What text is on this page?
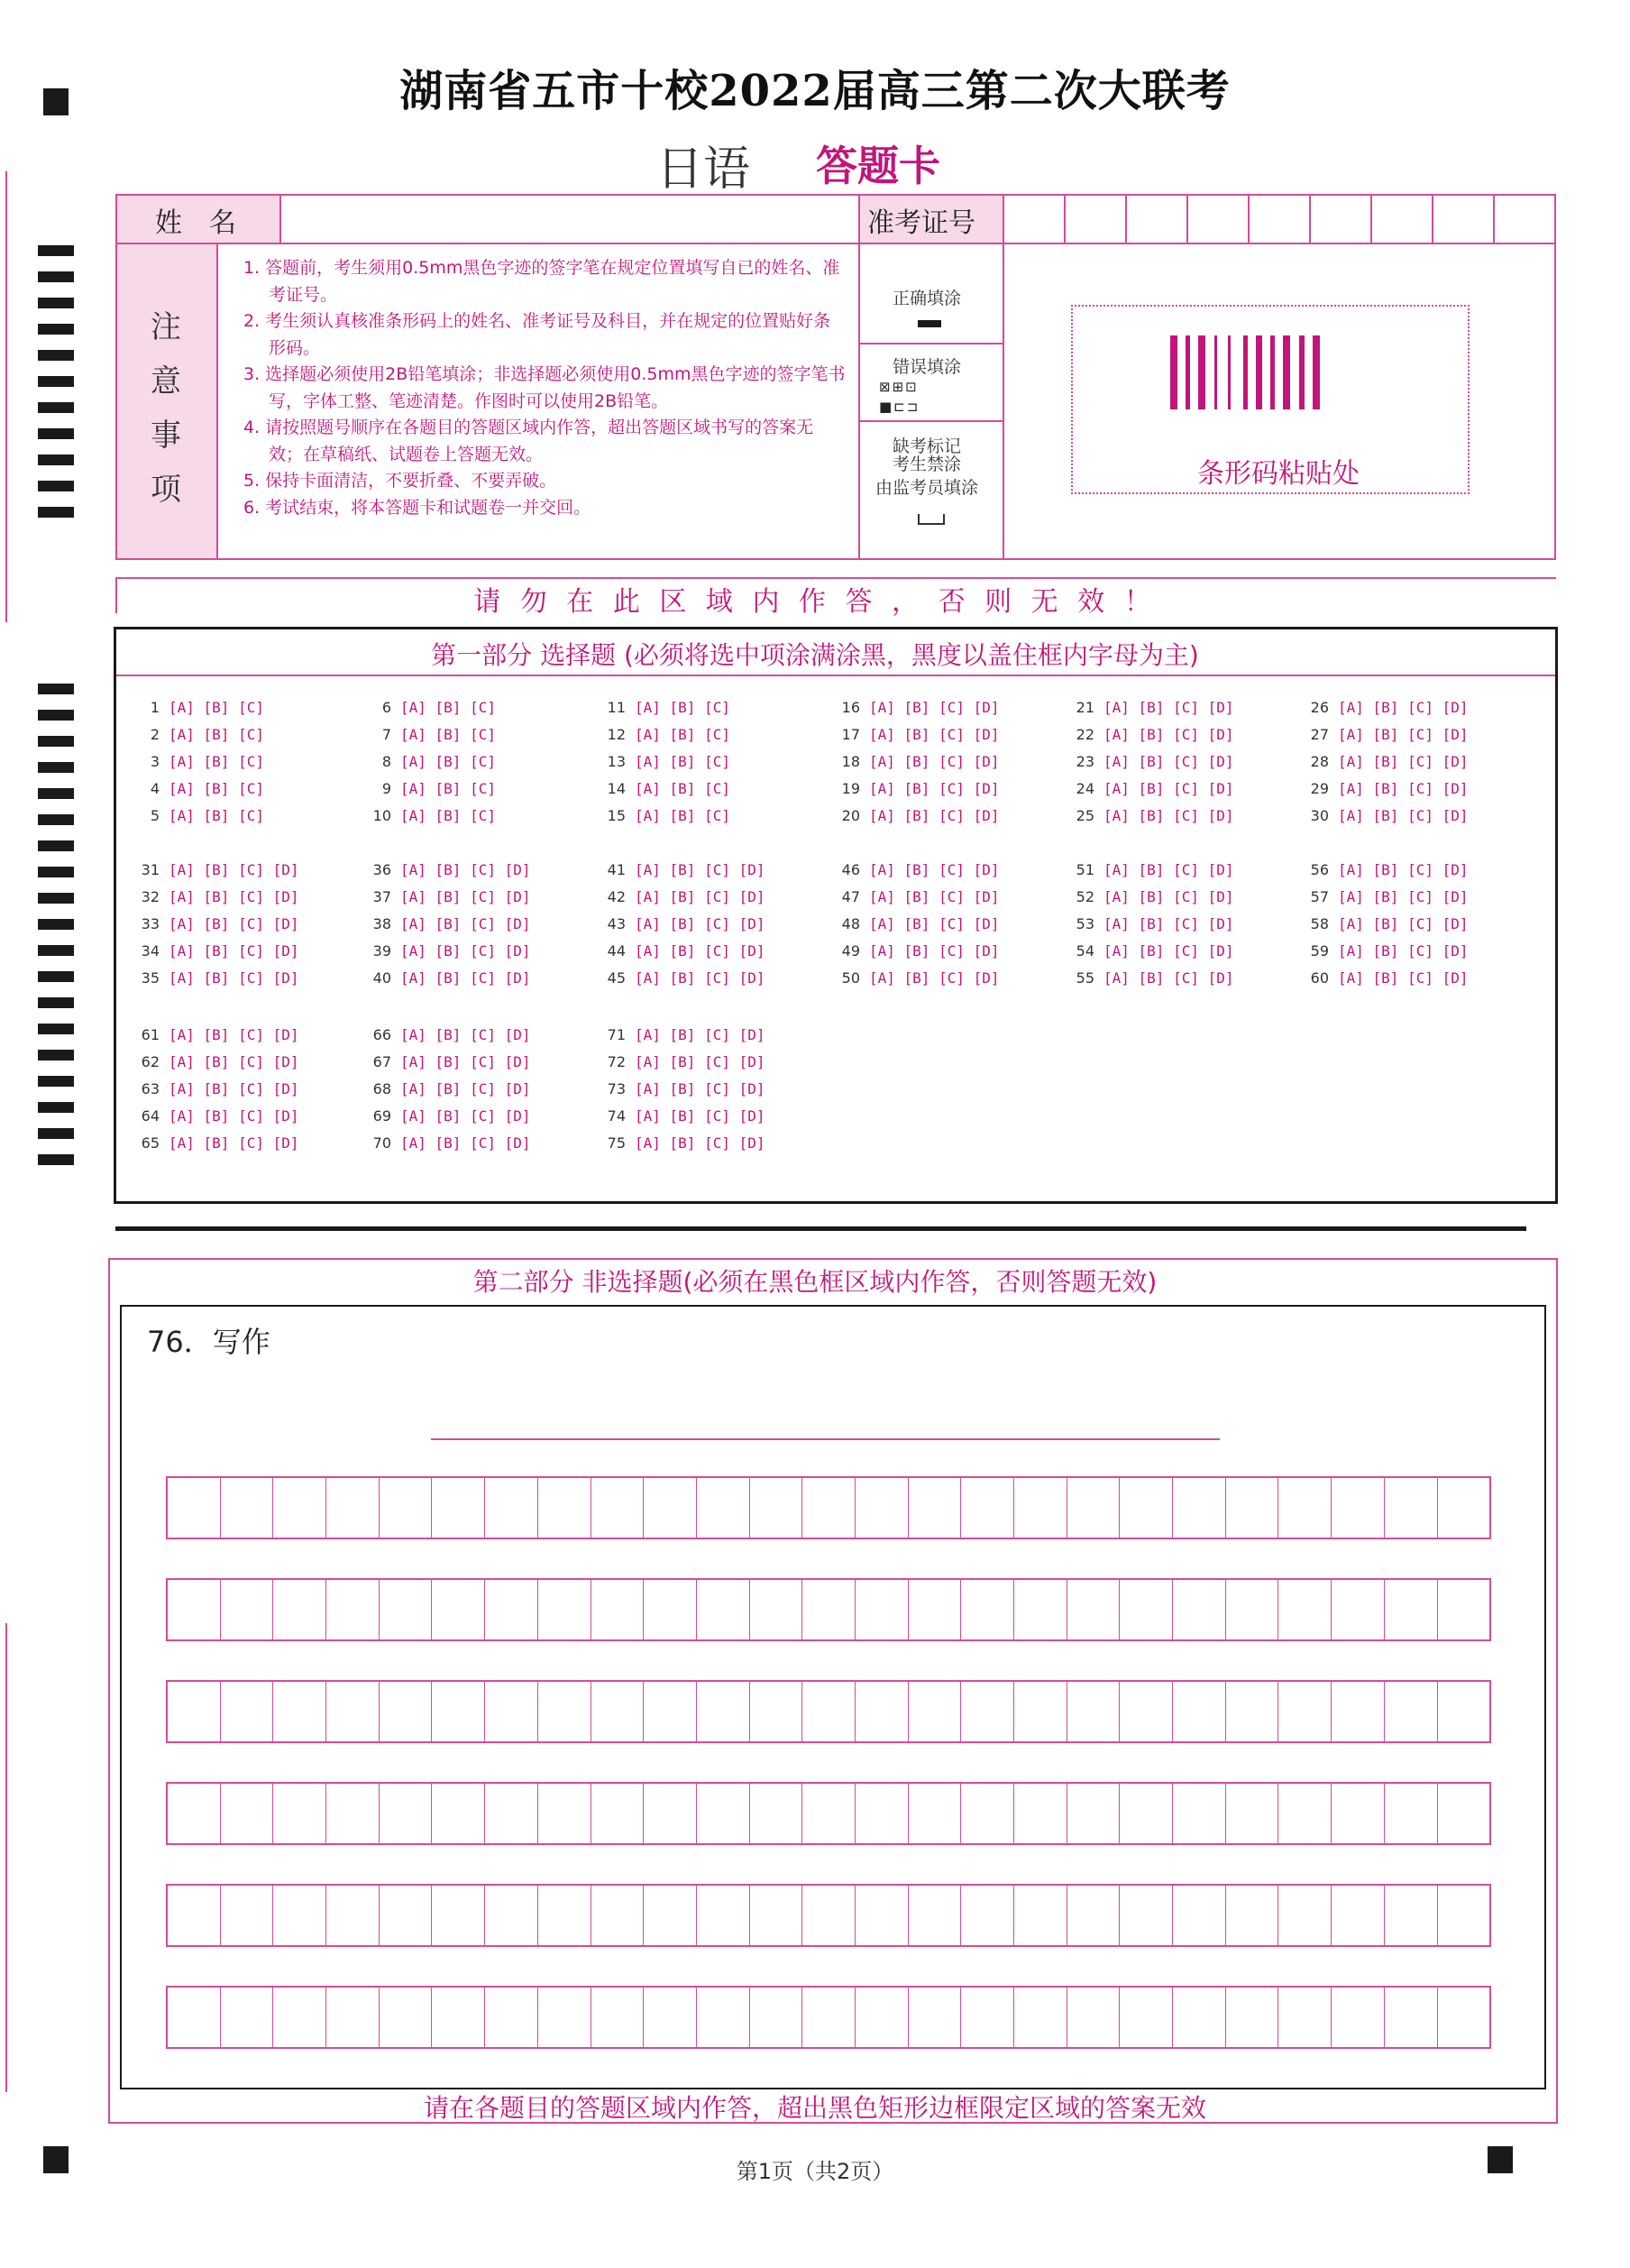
湖南省五市十校2022届高三第二次大联考
日语 答题卡
姓　名	准考证号
注
意
事
项
1. 答题前，考生须用0.5mm黑色字迹的签字笔在规定位置填写自已的姓名、准考证号。
2. 考生须认真核准条形码上的姓名、准考证号及科目，并在规定的位置贴好条形码。
3. 选择题必须使用2B铅笔填涂；非选择题必须使用0.5mm黑色字迹的签字笔书写，字体工整、笔迹清楚。作图时可以使用2B铅笔。
4. 请按照题号顺序在各题目的答题区域内作答，超出答题区域书写的答案无效；在草稿纸、试题卷上答题无效。
5. 保持卡面清洁，不要折叠、不要弄破。
6. 考试结束，将本答题卡和试题卷一并交回。
正确填涂
错误填涂
⊠⊞⊡
■⊏⊐
缺考标记
考生禁涂
由监考员填涂	条形码粘贴处
请 勿 在 此 区 域 内 作 答 ， 否 则 无 效 ！
第一部分 选择题 (必须将选中项涂满涂黑，黑度以盖住框内字母为主)
1 [A] [B] [C]
2 [A] [B] [C]
3 [A] [B] [C]
4 [A] [B] [C]
5 [A] [B] [C]
6 [A] [B] [C]
7 [A] [B] [C]
8 [A] [B] [C]
9 [A] [B] [C]
10 [A] [B] [C]
11 [A] [B] [C]
12 [A] [B] [C]
13 [A] [B] [C]
14 [A] [B] [C]
15 [A] [B] [C]
16 [A] [B] [C] [D]
17 [A] [B] [C] [D]
18 [A] [B] [C] [D]
19 [A] [B] [C] [D]
20 [A] [B] [C] [D]
21 [A] [B] [C] [D]
22 [A] [B] [C] [D]
23 [A] [B] [C] [D]
24 [A] [B] [C] [D]
25 [A] [B] [C] [D]
26 [A] [B] [C] [D]
27 [A] [B] [C] [D]
28 [A] [B] [C] [D]
29 [A] [B] [C] [D]
30 [A] [B] [C] [D]
31 [A] [B] [C] [D]
32 [A] [B] [C] [D]
33 [A] [B] [C] [D]
34 [A] [B] [C] [D]
35 [A] [B] [C] [D]
36 [A] [B] [C] [D]
37 [A] [B] [C] [D]
38 [A] [B] [C] [D]
39 [A] [B] [C] [D]
40 [A] [B] [C] [D]
41 [A] [B] [C] [D]
42 [A] [B] [C] [D]
43 [A] [B] [C] [D]
44 [A] [B] [C] [D]
45 [A] [B] [C] [D]
46 [A] [B] [C] [D]
47 [A] [B] [C] [D]
48 [A] [B] [C] [D]
49 [A] [B] [C] [D]
50 [A] [B] [C] [D]
51 [A] [B] [C] [D]
52 [A] [B] [C] [D]
53 [A] [B] [C] [D]
54 [A] [B] [C] [D]
55 [A] [B] [C] [D]
56 [A] [B] [C] [D]
57 [A] [B] [C] [D]
58 [A] [B] [C] [D]
59 [A] [B] [C] [D]
60 [A] [B] [C] [D]
61 [A] [B] [C] [D]
62 [A] [B] [C] [D]
63 [A] [B] [C] [D]
64 [A] [B] [C] [D]
65 [A] [B] [C] [D]
66 [A] [B] [C] [D]
67 [A] [B] [C] [D]
68 [A] [B] [C] [D]
69 [A] [B] [C] [D]
70 [A] [B] [C] [D]
71 [A] [B] [C] [D]
72 [A] [B] [C] [D]
73 [A] [B] [C] [D]
74 [A] [B] [C] [D]
75 [A] [B] [C] [D]
第二部分 非选择题(必须在黑色框区域内作答，否则答题无效)
76．写作
请在各题目的答题区域内作答，超出黑色矩形边框限定区域的答案无效
第1页（共2页）
